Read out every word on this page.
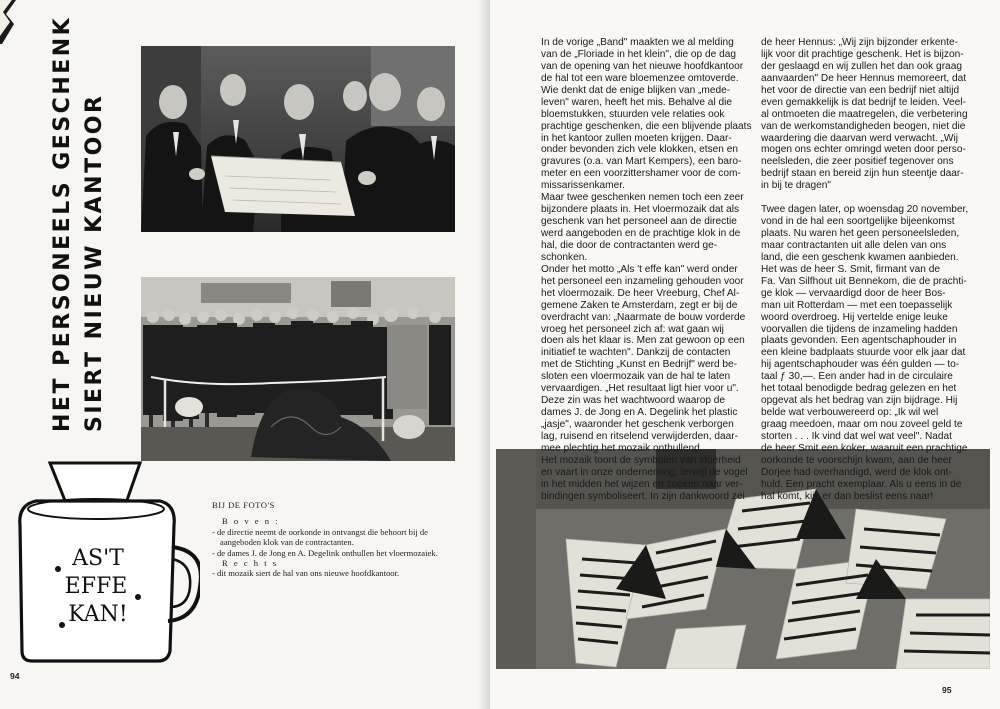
HET PERSONEELS GESCHENK SIERT NIEUW KANTOOR
AS'T
EFFE
KAN!
BIJ DE FOTO'S
B o v e n :
- de directie neemt de oorkonde in ontvangst die behoort bij de aangeboden klok van de contractanten.
- de dames J. de Jong en A. Degelink onthullen het vloermozaiek.
R e c h t s
- dit mozaik siert de hal van ons nieuwe hoofdkantoor.
94
95
In de vorige „Band" maakten we al melding
van de „Floriade in het klein", die op de dag
van de opening van het nieuwe hoofdkantoor
de hal tot een ware bloemenzee omtoverde.
Wie denkt dat de enige blijken van „mede-
leven" waren, heeft het mis. Behalve al die
bloemstukken, stuurden vele relaties ook
prachtige geschenken, die een blijvende plaats
in het kantoor zullen moeten krijgen. Daar-
onder bevonden zich vele klokken, etsen en
gravures (o.a. van Mart Kempers), een baro-
meter en een voorzittershamer voor de com-
missarissenkamer.
Maar twee geschenken nemen toch een zeer
bijzondere plaats in. Het vloermozaik dat als
geschenk van het personeel aan de directie
werd aangeboden en de prachtige klok in de
hal, die door de contractanten werd ge-
schonken.
Onder het motto „Als 't effe kan" werd onder
het personeel een inzameling gehouden voor
het vloermozaik. De heer Vreeburg, Chef Al-
gemene Zaken te Amsterdam, zegt er bij de
overdracht van: „Naarmate de bouw vorderde
vroeg het personeel zich af: wat gaan wij
doen als het klaar is. Men zat gewoon op een
initiatief te wachten". Dankzij de contacten
met de Stichting „Kunst en Bedrijf" werd be-
sloten een vloermozaik van de hal te laten
vervaardigen. „Het resultaat ligt hier voor u".
Deze zin was het wachtwoord waarop de
dames J. de Jong en A. Degelink het plastic
„jasje", waaronder het geschenk verborgen
lag, ruisend en ritselend verwijderden, daar-
mee plechtig het mozaik onthullend.
Het mozaik toont de symbolen van stoerheid
en vaart in onze onderneming, terwijl de vogel
in het midden het wijzen en zoeken naar ver-
bindingen symboliseert. In zijn dankwoord zei
de heer Hennus: „Wij zijn bijzonder erkente-
lijk voor dit prachtige geschenk. Het is bijzon-
der geslaagd en wij zullen het dan ook graag
aanvaarden" De heer Hennus memoreert, dat
het voor de directie van een bedrijf niet altijd
even gemakkelijk is dat bedrijf te leiden. Veel-
al ontmoeten die maatregelen, die verbetering
van de werkomstandigheden beogen, niet die
waardering die daarvan werd verwacht. „Wij
mogen ons echter omringd weten door perso-
neelsleden, die zeer positief tegenover ons
bedrijf staan en bereid zijn hun steentje daar-
in bij te dragen"
Twee dagen later, op woensdag 20 november,
vond in de hal een soortgelijke bijeenkomst
plaats. Nu waren het geen personeelsleden,
maar contractanten uit alle delen van ons
land, die een geschenk kwamen aanbieden.
Het was de heer S. Smit, firmant van de
Fa. Van Silfhout uit Bennekom, die de prachti-
ge klok — vervaardigd door de heer Bos-
man uit Rotterdam — met een toepasselijk
woord overdroeg. Hij vertelde enige leuke
voorvallen die tijdens de inzameling hadden
plaats gevonden. Een agentschaphouder in
een kleine badplaats stuurde voor elk jaar dat
hij agentschaphouder was één gulden — to-
taal ƒ 30,—. Een ander had in de circulaire
het totaal benodigde bedrag gelezen en het
opgevat als het bedrag van zijn bijdrage. Hij
belde wat verbouwereerd op: „Ik wil wel
graag meedoen, maar om nou zoveel geld te
storten . . . Ik vind dat wel wat veel". Nadat
de heer Smit een koker, waaruit een prachtige
oorkonde te voorschijn kwam, aan de heer
Dorjee had overhandigd, werd de klok ont-
huld. Een pracht exemplaar. Als u eens in de
hal komt, kijk er dan beslist eens naar!
